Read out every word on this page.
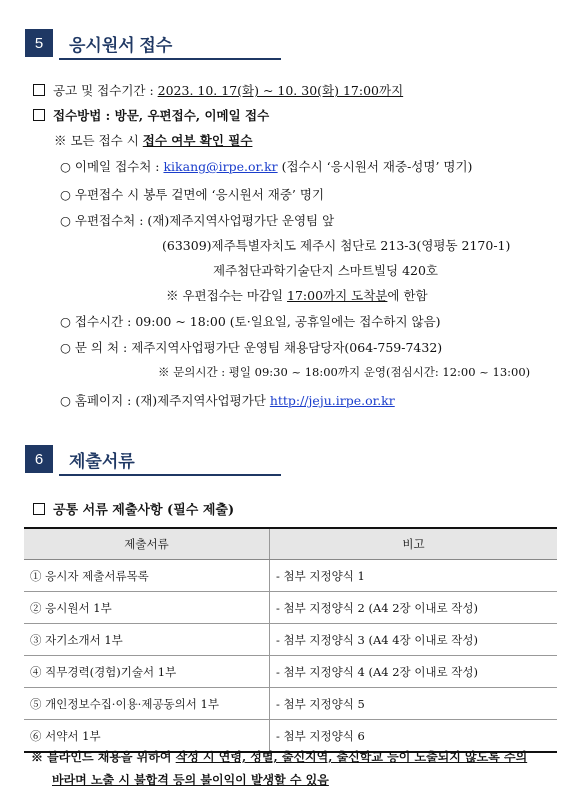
5	응시원서 접수
공고 및 접수기간 : 2023. 10. 17(화) ~ 10. 30(화) 17:00까지
접수방법 : 방문, 우편접수, 이메일 접수
※ 모든 접수 시 접수 여부 확인 필수
○ 이메일 접수처 : kikang@irpe.or.kr (접수시 ‘응시원서 재중-성명’ 명기)
○ 우편접수 시 봉투 겉면에 ‘응시원서 재중’ 명기
○ 우편접수처 : (재)제주지역사업평가단 운영팀 앞
(63309)제주특별자치도 제주시 첨단로 213-3(영평동 2170-1)
제주첨단과학기술단지 스마트빌딩 420호
※ 우편접수는 마감일 17:00까지 도착분에 한함
○ 접수시간 : 09:00 ~ 18:00 (토·일요일, 공휴일에는 접수하지 않음)
○ 문 의 처 : 제주지역사업평가단 운영팀 채용담당자(064-759-7432)
※ 문의시간 : 평일 09:30 ~ 18:00까지 운영(점심시간: 12:00 ~ 13:00)
○ 홈페이지 : (재)제주지역사업평가단 http://jeju.irpe.or.kr
6	제출서류
공통 서류 제출사항 (필수 제출)
제출서류	비고
① 응시자 제출서류목록	- 첨부 지정양식 1
② 응시원서 1부	- 첨부 지정양식 2 (A4 2장 이내로 작성)
③ 자기소개서 1부	- 첨부 지정양식 3 (A4 4장 이내로 작성)
④ 직무경력(경험)기술서 1부	- 첨부 지정양식 4 (A4 2장 이내로 작성)
⑤ 개인정보수집·이용·제공동의서 1부	- 첨부 지정양식 5
⑥ 서약서 1부	- 첨부 지정양식 6
※ 블라인드 채용을 위하여 작성 시 연령, 성별, 출신지역, 출신학교 등이 노출되지 않도록 주의
바라며 노출 시 불합격 등의 불이익이 발생할 수 있음
